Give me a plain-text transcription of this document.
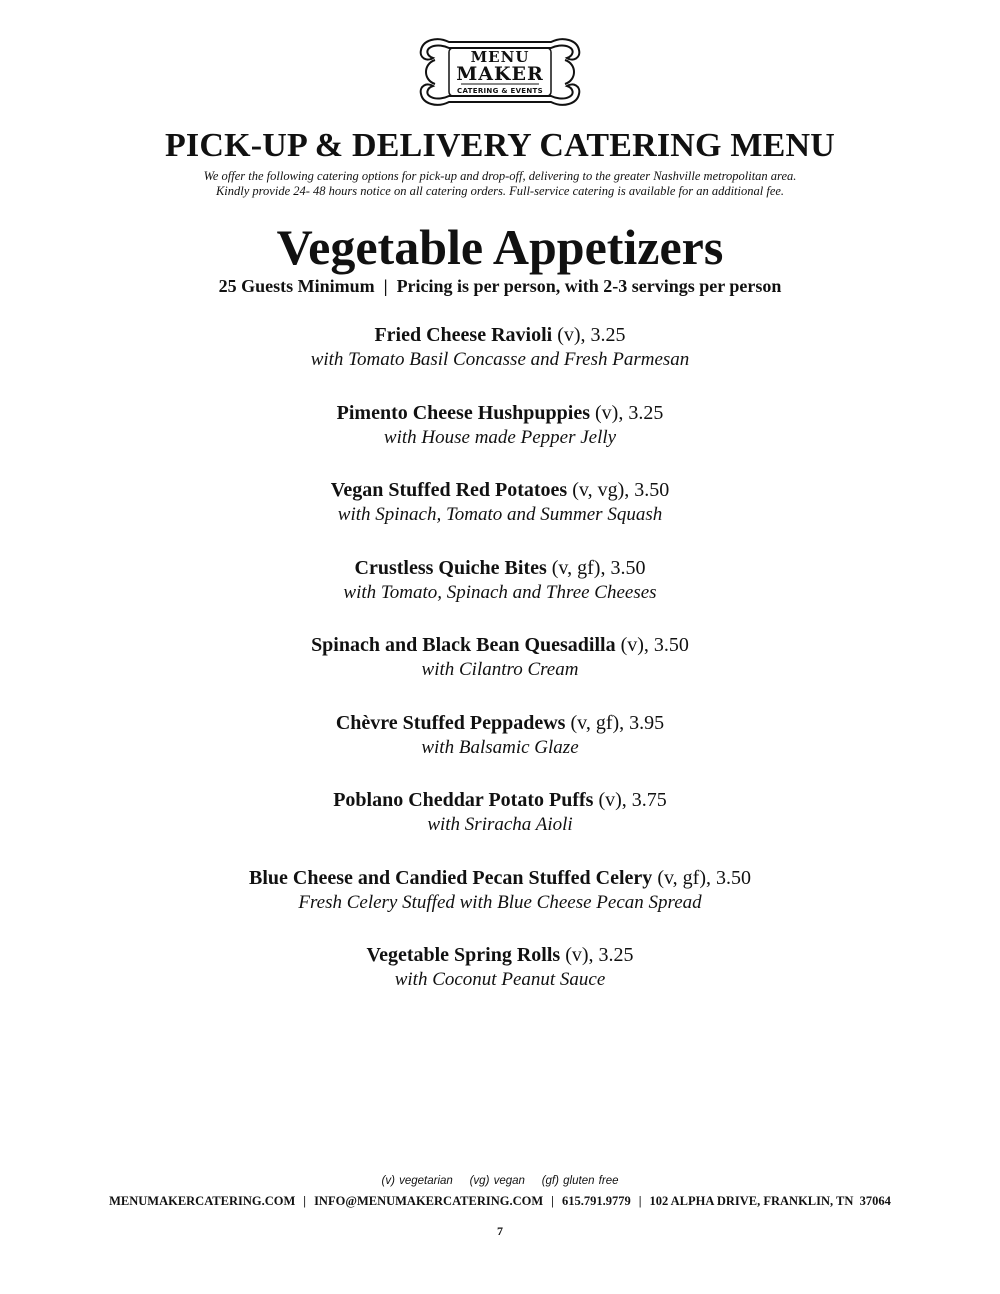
MENU
MAKER
CATERING & EVENTS
PICK-UP & DELIVERY CATERING MENU
We offer the following catering options for pick-up and drop-off, delivering to the greater Nashville metropolitan area.
Kindly provide 24- 48 hours notice on all catering orders. Full-service catering is available for an additional fee.
Vegetable Appetizers
25 Guests Minimum  |  Pricing is per person, with 2-3 servings per person
Fried Cheese Ravioli (v), 3.25
with Tomato Basil Concasse and Fresh Parmesan
Pimento Cheese Hushpuppies (v), 3.25
with House made Pepper Jelly
Vegan Stuffed Red Potatoes (v, vg), 3.50
with Spinach, Tomato and Summer Squash
Crustless Quiche Bites (v, gf), 3.50
with Tomato, Spinach and Three Cheeses
Spinach and Black Bean Quesadilla (v), 3.50
with Cilantro Cream
Chèvre Stuffed Peppadews (v, gf), 3.95
with Balsamic Glaze
Poblano Cheddar Potato Puffs (v), 3.75
with Sriracha Aioli
Blue Cheese and Candied Pecan Stuffed Celery (v, gf), 3.50
Fresh Celery Stuffed with Blue Cheese Pecan Spread
Vegetable Spring Rolls (v), 3.25
with Coconut Peanut Sauce
(v) vegetarian    (vg) vegan    (gf) gluten free
MENUMAKERCATERING.COM | INFO@MENUMAKERCATERING.COM | 615.791.9779 | 102 ALPHA DRIVE, FRANKLIN, TN  37064
7
